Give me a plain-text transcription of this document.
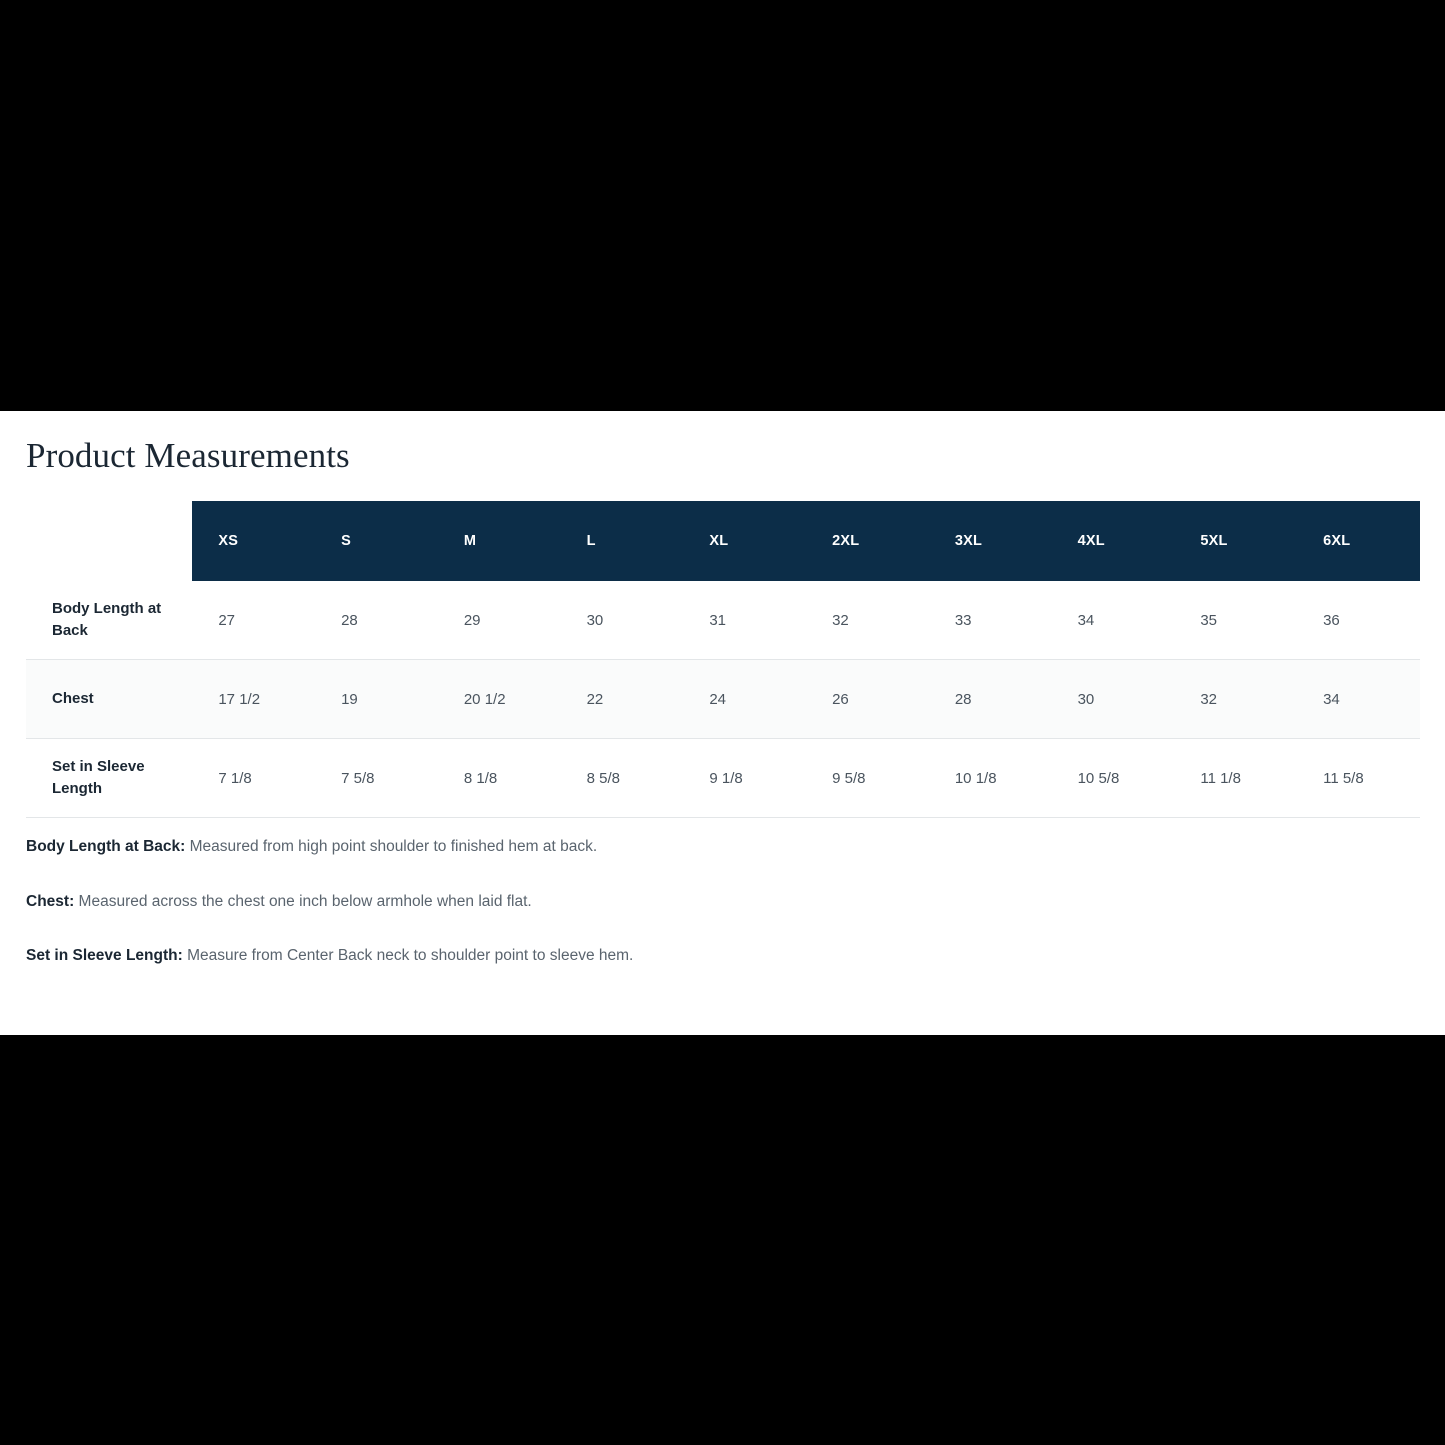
Product Measurements

	XS	S	M	L	XL	2XL	3XL	4XL	5XL	6XL

Body Length at Back	27	28	29	30	31	32	33	34	35	36
Chest	17 1/2	19	20 1/2	22	24	26	28	30	32	34
Set in Sleeve Length	7 1/8	7 5/8	8 1/8	8 5/8	9 1/8	9 5/8	10 1/8	10 5/8	11 1/8	11 5/8
Body Length at Back: Measured from high point shoulder to finished hem at back.
Chest: Measured across the chest one inch below armhole when laid flat.
Set in Sleeve Length: Measure from Center Back neck to shoulder point to sleeve hem.
